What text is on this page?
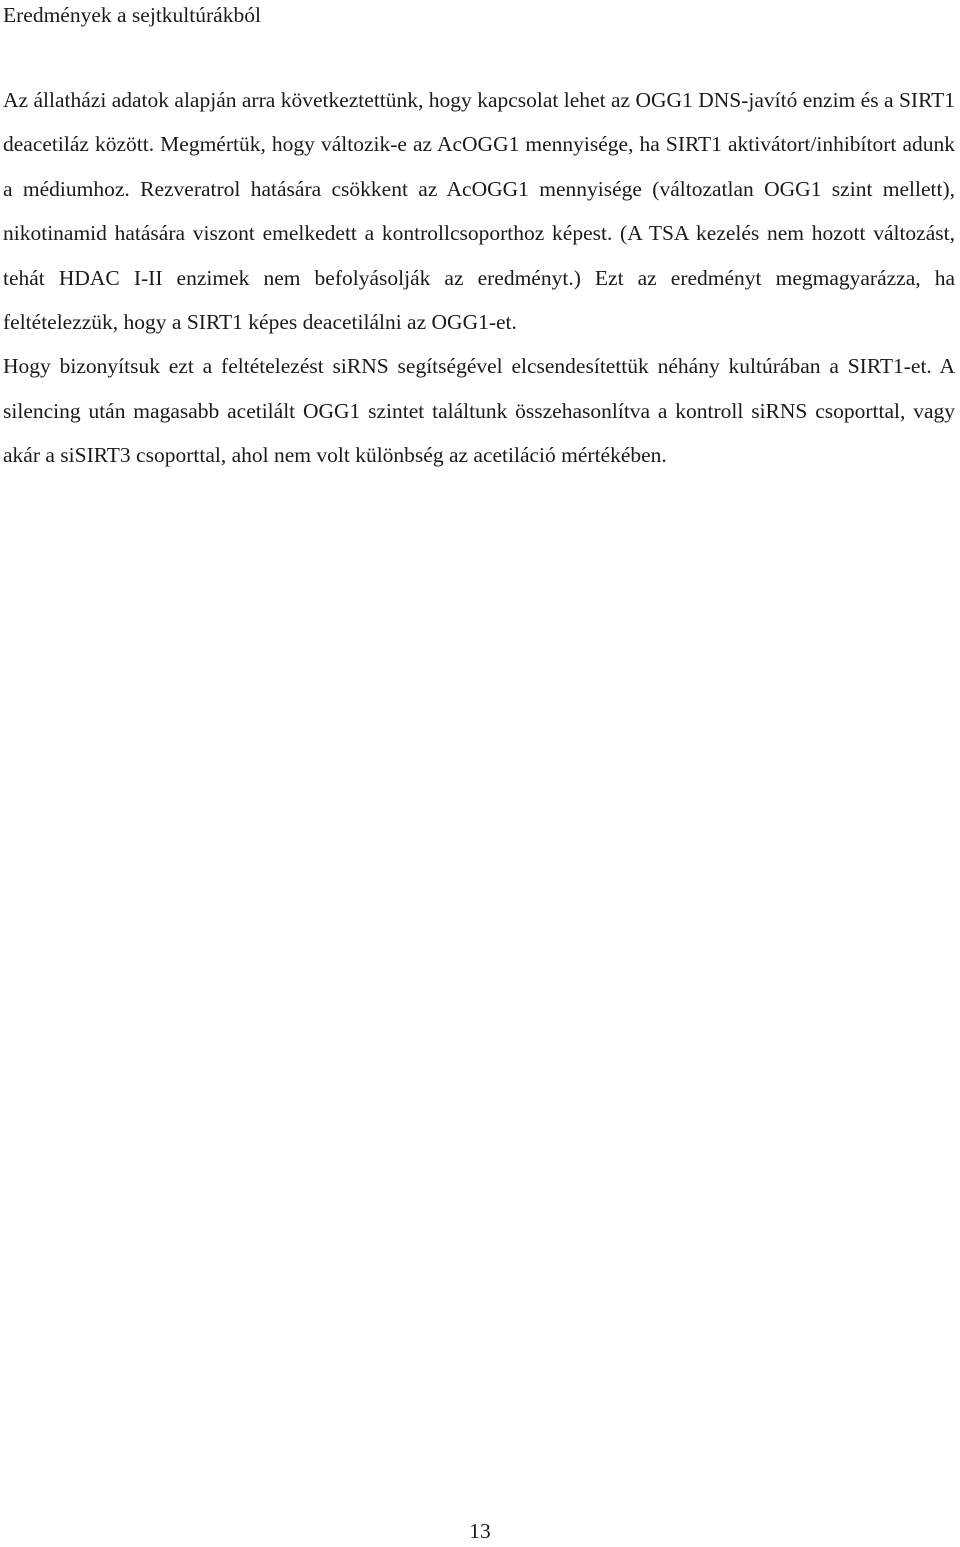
Eredmények a sejtkultúrákból

Az állatházi adatok alapján arra következtettünk, hogy kapcsolat lehet az OGG1 DNS-javító enzim és a SIRT1 deacetiláz között. Megmértük, hogy változik-e az AcOGG1 mennyisége, ha SIRT1 aktivátort/inhibítort adunk a médiumhoz. Rezveratrol hatására csökkent az AcOGG1 mennyisége (változatlan OGG1 szint mellett), nikotinamid hatására viszont emelkedett a kontrollcsoporthoz képest. (A TSA kezelés nem hozott változást, tehát HDAC I-II enzimek nem befolyásolják az eredményt.) Ezt az eredményt megmagyarázza, ha feltételezzük, hogy a SIRT1 képes deacetilálni az OGG1-et.

Hogy bizonyítsuk ezt a feltételezést siRNS segítségével elcsendesítettük néhány kultúrában a SIRT1-et. A silencing után magasabb acetilált OGG1 szintet találtunk összehasonlítva a kontroll siRNS csoporttal, vagy akár a siSIRT3 csoporttal, ahol nem volt különbség az acetiláció mértékében.

13
